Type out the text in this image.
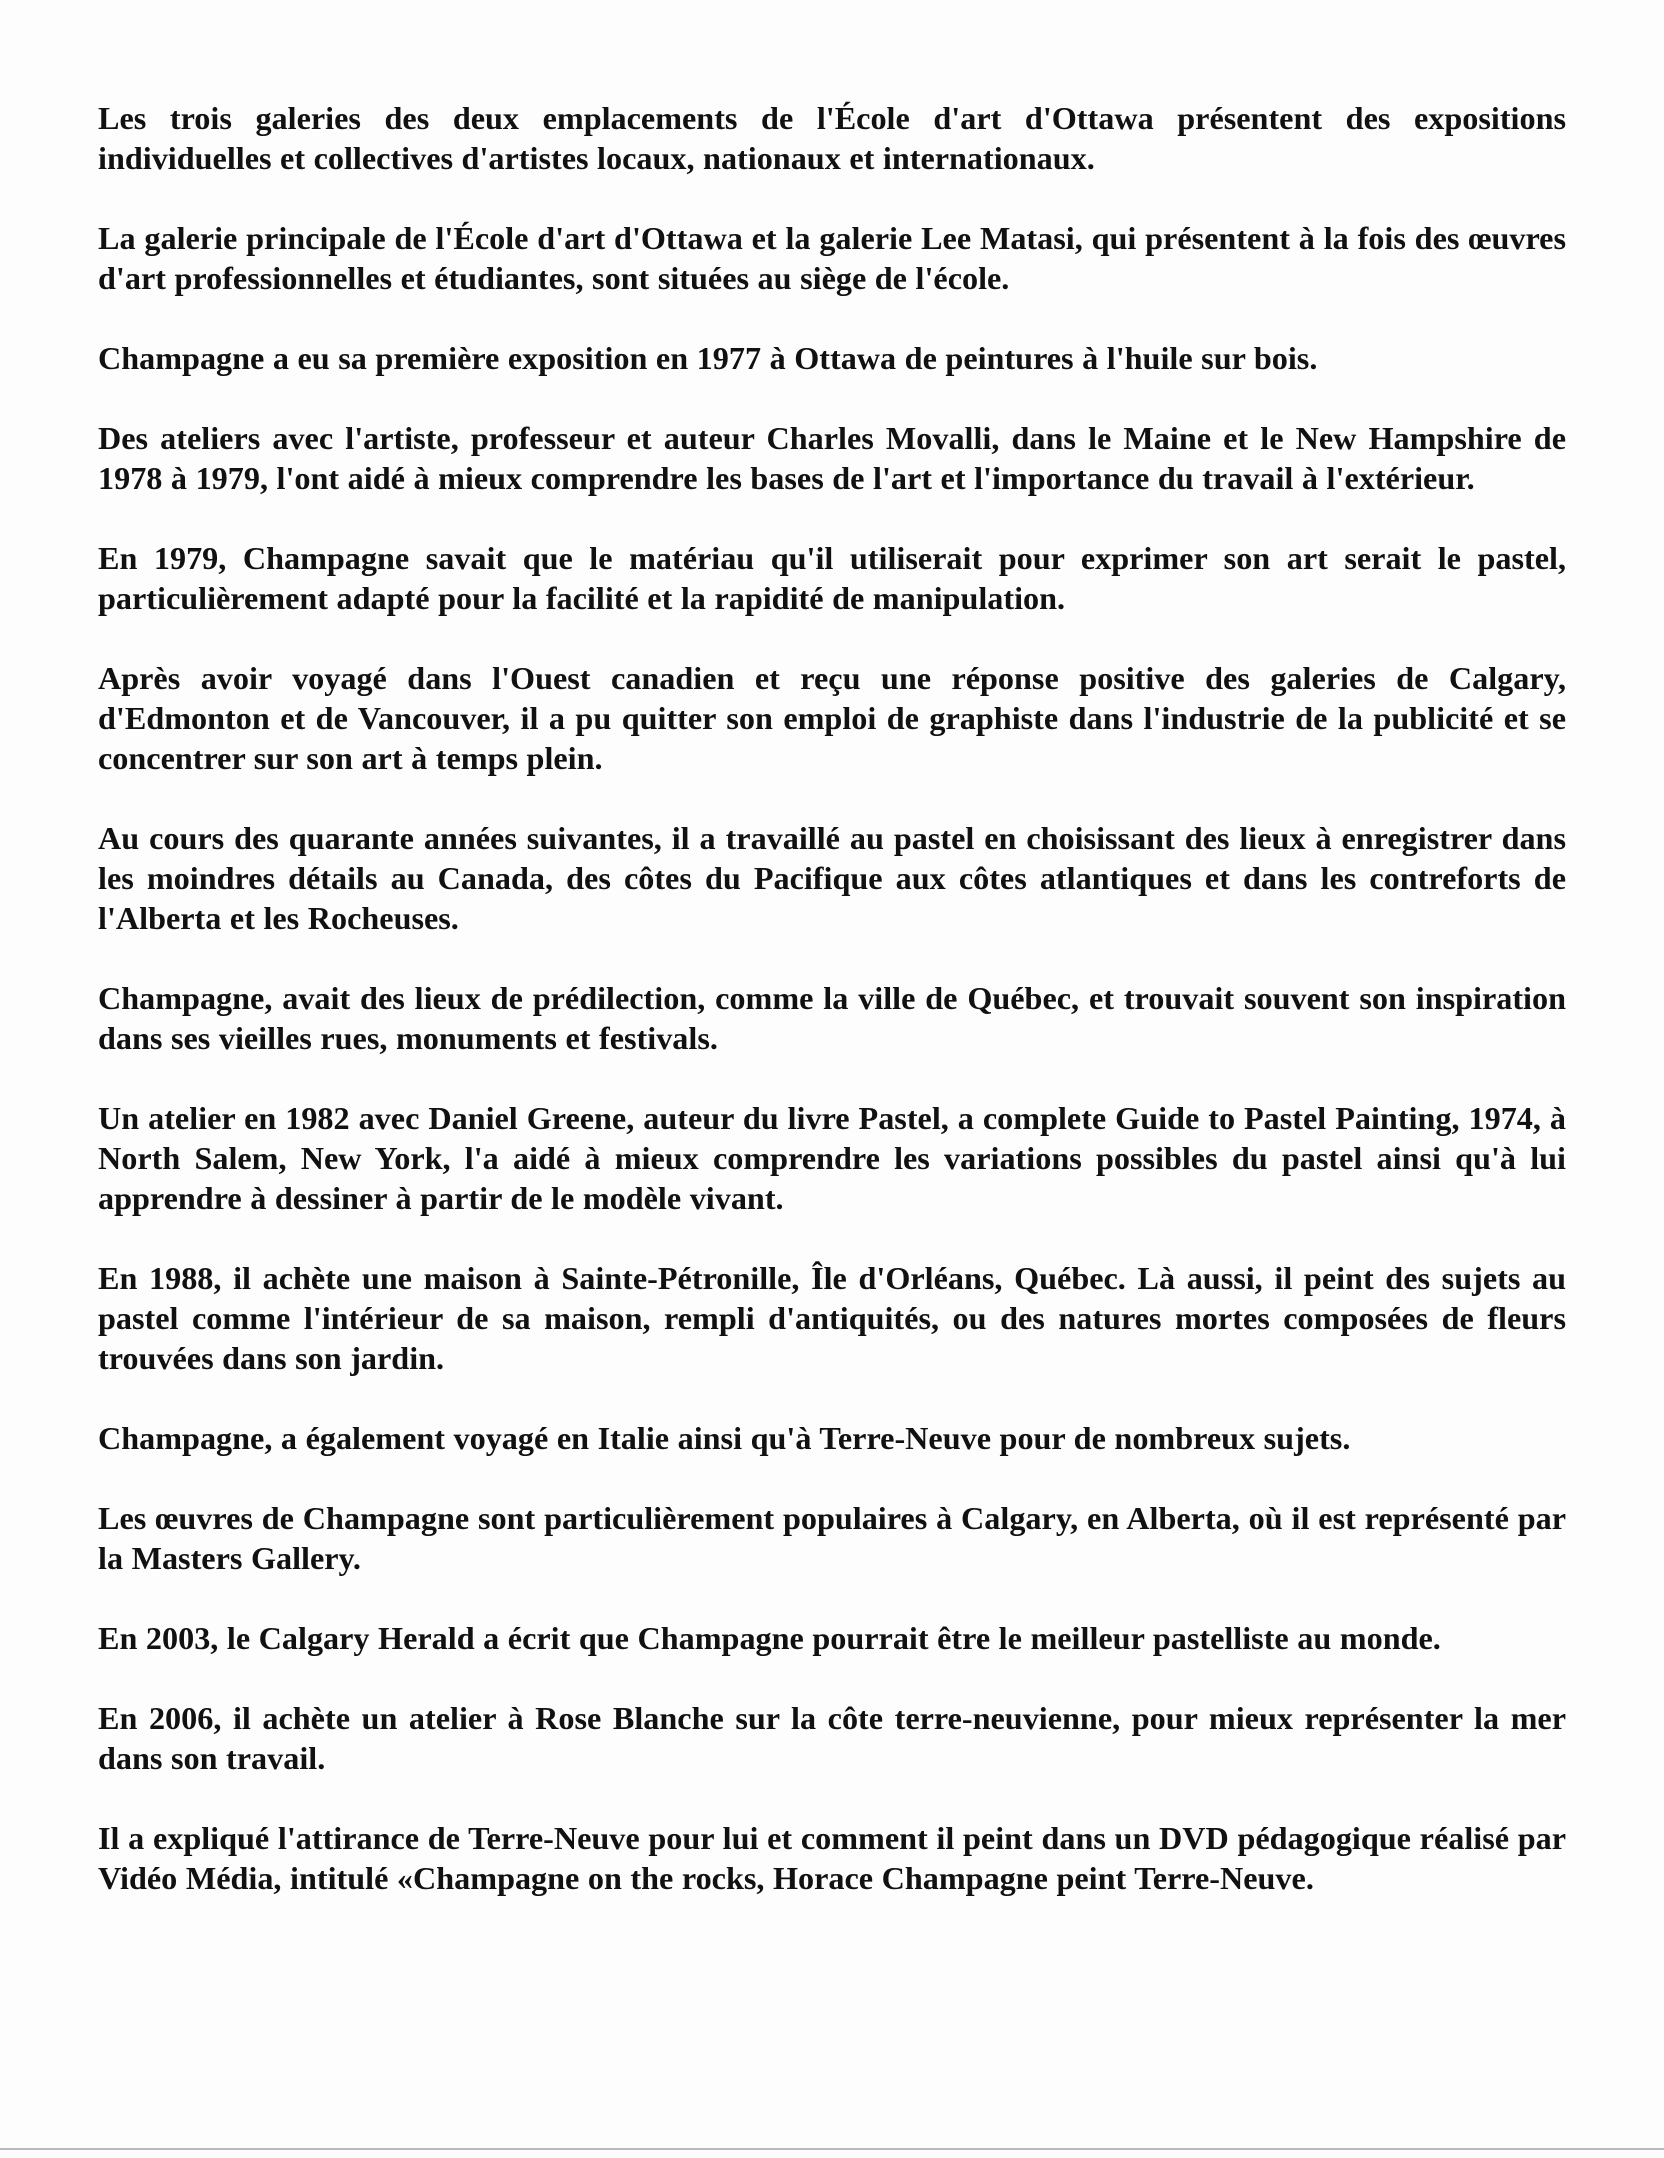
Les trois galeries des deux emplacements de l'École d'art d'Ottawa présentent des expositions individuelles et collectives d'artistes locaux, nationaux et internationaux.

La galerie principale de l'École d'art d'Ottawa et la galerie Lee Matasi, qui présentent à la fois des œuvres d'art professionnelles et étudiantes, sont situées au siège de l'école.

Champagne a eu sa première exposition en 1977 à Ottawa de peintures à l'huile sur bois.

Des ateliers avec l'artiste, professeur et auteur Charles Movalli, dans le Maine et le New Hampshire de 1978 à 1979, l'ont aidé à mieux comprendre les bases de l'art et l'importance du travail à l'extérieur.

En 1979, Champagne savait que le matériau qu'il utiliserait pour exprimer son art serait le pastel, particulièrement adapté pour la facilité et la rapidité de manipulation.

Après avoir voyagé dans l'Ouest canadien et reçu une réponse positive des galeries de Calgary, d'Edmonton et de Vancouver, il a pu quitter son emploi de graphiste dans l'industrie de la publicité et se concentrer sur son art à temps plein.

Au cours des quarante années suivantes, il a travaillé au pastel en choisissant des lieux à enregistrer dans les moindres détails au Canada, des côtes du Pacifique aux côtes atlantiques et dans les contreforts de l'Alberta et les Rocheuses.

Champagne, avait des lieux de prédilection, comme la ville de Québec, et trouvait souvent son inspiration dans ses vieilles rues, monuments et festivals.

Un atelier en 1982 avec Daniel Greene, auteur du livre Pastel, a complete Guide to Pastel Painting, 1974, à North Salem, New York, l'a aidé à mieux comprendre les variations possibles du pastel ainsi qu'à lui apprendre à dessiner à partir de le modèle vivant.

En 1988, il achète une maison à Sainte-Pétronille, Île d'Orléans, Québec. Là aussi, il peint des sujets au pastel comme l'intérieur de sa maison, rempli d'antiquités, ou des natures mortes composées de fleurs trouvées dans son jardin.

Champagne, a également voyagé en Italie ainsi qu'à Terre-Neuve pour de nombreux sujets.

Les œuvres de Champagne sont particulièrement populaires à Calgary, en Alberta, où il est représenté par la Masters Gallery.

En 2003, le Calgary Herald a écrit que Champagne pourrait être le meilleur pastelliste au monde.

En 2006, il achète un atelier à Rose Blanche sur la côte terre-neuvienne, pour mieux représenter la mer dans son travail.

Il a expliqué l'attirance de Terre-Neuve pour lui et comment il peint dans un DVD pédagogique réalisé par Vidéo Média, intitulé «Champagne on the rocks, Horace Champagne peint Terre-Neuve.
